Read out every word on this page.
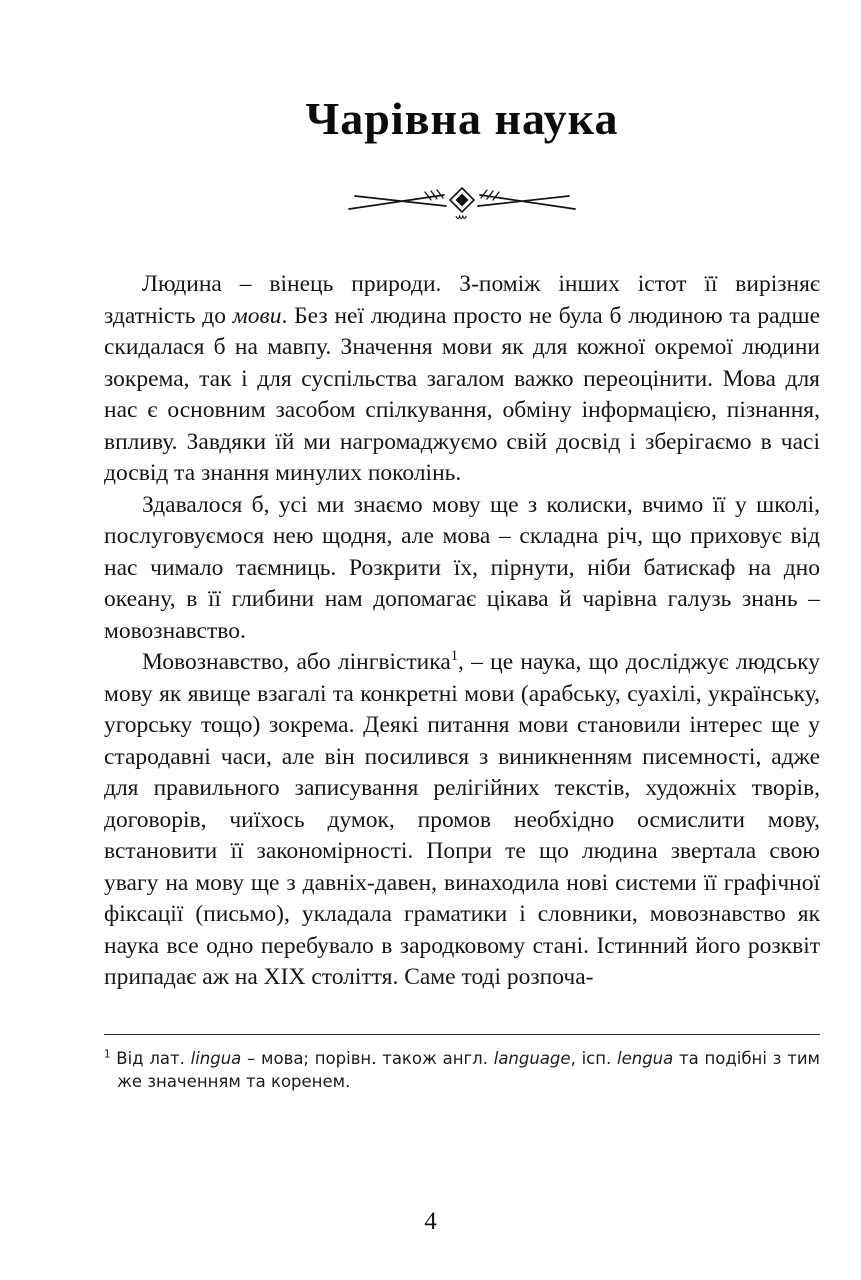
Чарівна наука

Людина – вінець природи. З-поміж інших істот її вирізняє здатність до мови. Без неї людина просто не була б людиною та радше скидалася б на мавпу. Значення мови як для кожної окремої людини зокрема, так і для суспільства загалом важко переоцінити. Мова для нас є основним засобом спілкування, обміну інформацією, пізнання, впливу. Завдяки їй ми нагромаджуємо свій досвід і зберігаємо в часі досвід та знання минулих поколінь.

Здавалося б, усі ми знаємо мову ще з колиски, вчимо її у школі, послуговуємося нею щодня, але мова – складна річ, що приховує від нас чимало таємниць. Розкрити їх, пірнути, ніби батискаф на дно океану, в її глибини нам допомагає цікава й чарівна галузь знань – мовознавство.

Мовознавство, або лінгвістика$^1$, – це наука, що досліджує людську мову як явище взагалі та конкретні мови (арабську, суахілі, українську, угорську тощо) зокрема. Деякі питання мови становили інтерес ще у стародавні часи, але він посилився з виникненням писемності, адже для правильного записування релігійних текстів, художніх творів, договорів, чиїхось думок, промов необхідно осмислити мову, встановити її закономірності. Попри те що людина звертала свою увагу на мову ще з давніх-давен, винаходила нові системи її графічної фіксації (письмо), укладала граматики і словники, мовознавство як наука все одно перебувало в зародковому стані. Істинний його розквіт припадає аж на XIX століття. Саме тоді розпоча-

$^1$ Від лат. lingua – мова; порівн. також англ. language, ісп. lengua та подібні з тим же значенням та коренем.

4
